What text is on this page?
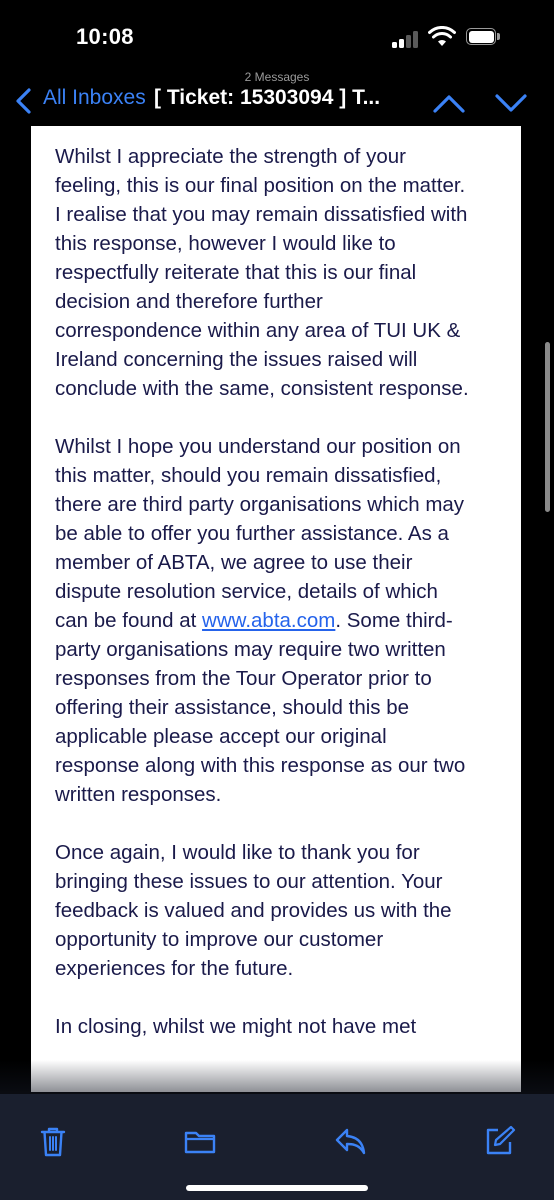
10:08
2 Messages
All Inboxes [ Ticket: 15303094 ] T...

Whilst I appreciate the strength of your feeling, this is our final position on the matter. I realise that you may remain dissatisfied with this response, however I would like to respectfully reiterate that this is our final decision and therefore further correspondence within any area of TUI UK & Ireland concerning the issues raised will conclude with the same, consistent response.

Whilst I hope you understand our position on this matter, should you remain dissatisfied, there are third party organisations which may be able to offer you further assistance. As a member of ABTA, we agree to use their dispute resolution service, details of which can be found at www.abta.com. Some third-party organisations may require two written responses from the Tour Operator prior to offering their assistance, should this be applicable please accept our original response along with this response as our two written responses.

Once again, I would like to thank you for bringing these issues to our attention. Your feedback is valued and provides us with the opportunity to improve our customer experiences for the future.

In closing, whilst we might not have met
